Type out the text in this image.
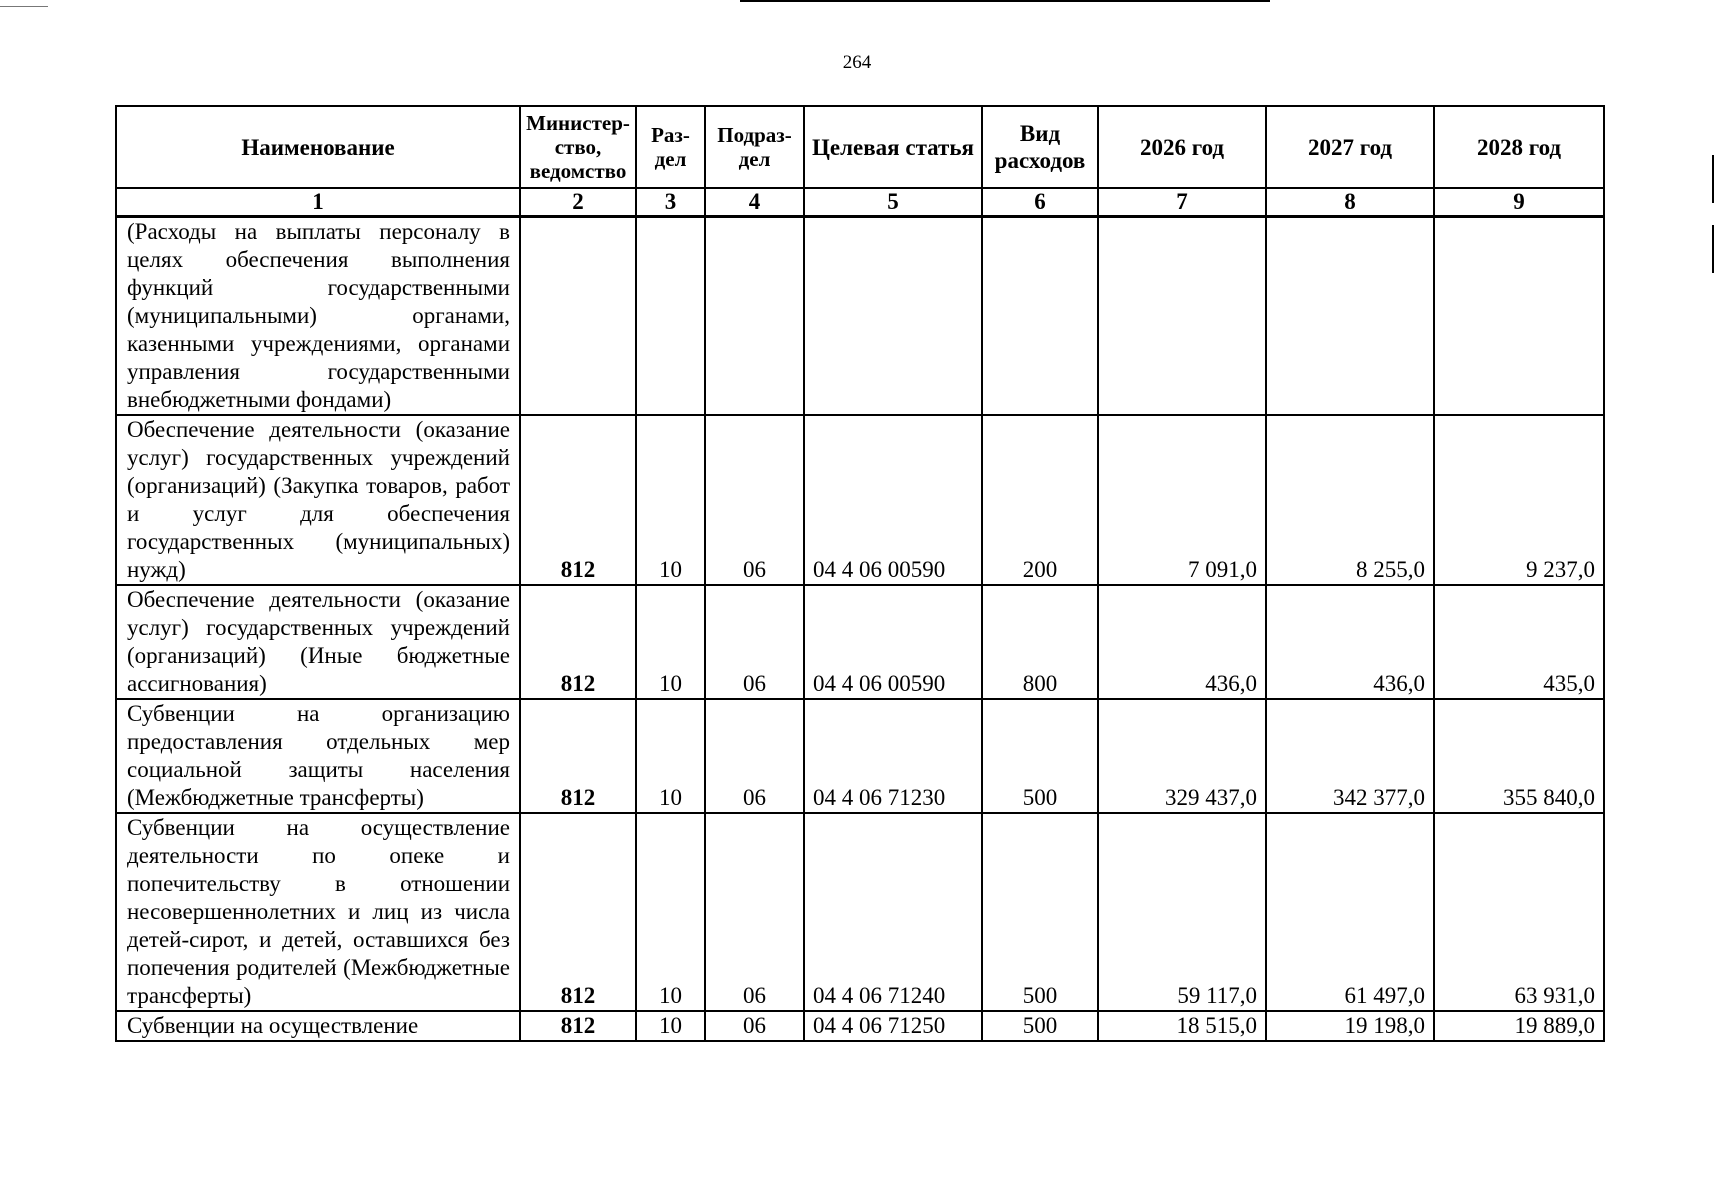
264
Наименование	Министер-ство, ведомство	Раз-дел	Подраз-дел	Целевая статья	Вид расходов	2026 год	2027 год	2028 год
1	2	3	4	5	6	7	8	9
(Расходы на выплаты персоналу в целях обеспечения выполнения функций государственными (муниципальными) органами, казенными учреждениями, органами управления государственными внебюджетными фондами)								
Обеспечение деятельности (оказание услуг) государственных учреждений (организаций) (Закупка товаров, работ и услуг для обеспечения государственных (муниципальных) нужд)	812	10	06	04 4 06 00590	200	7 091,0	8 255,0	9 237,0
Обеспечение деятельности (оказание услуг) государственных учреждений (организаций) (Иные бюджетные ассигнования)	812	10	06	04 4 06 00590	800	436,0	436,0	435,0
Субвенции на организацию предоставления отдельных мер социальной защиты населения (Межбюджетные трансферты)	812	10	06	04 4 06 71230	500	329 437,0	342 377,0	355 840,0
Субвенции на осуществление деятельности по опеке и попечительству в отношении несовершеннолетних и лиц из числа детей-сирот, и детей, оставшихся без попечения родителей (Межбюджетные трансферты)	812	10	06	04 4 06 71240	500	59 117,0	61 497,0	63 931,0
Субвенции на осуществление	812	10	06	04 4 06 71250	500	18 515,0	19 198,0	19 889,0
